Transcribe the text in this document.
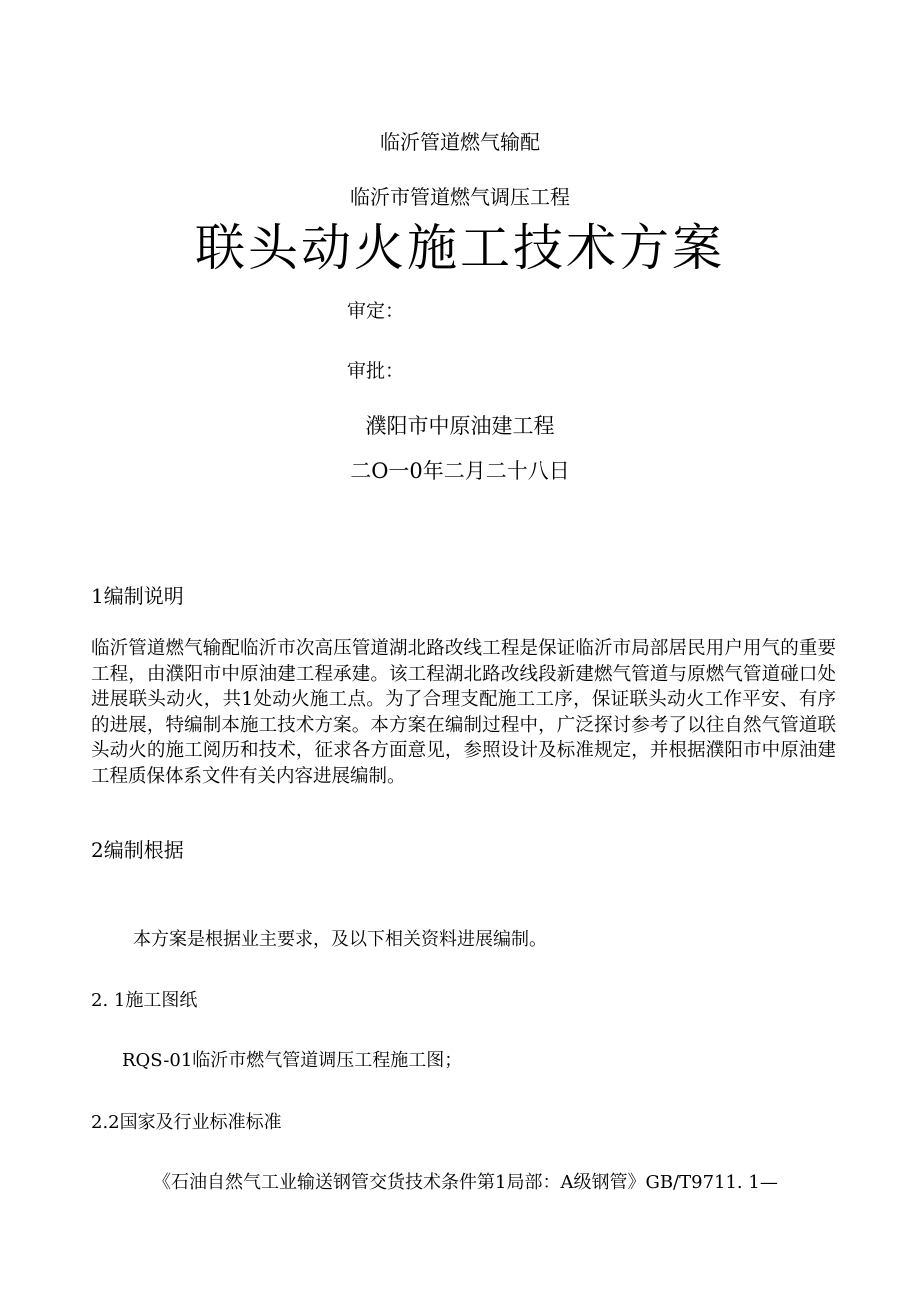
临沂管道燃气输配
临沂市管道燃气调压工程
联头动火施工技术方案
审定：
审批：
濮阳市中原油建工程
二O一0年二月二十八日
1编制说明
临沂管道燃气输配临沂市次高压管道湖北路改线工程是保证临沂市局部居民用户用气的重要工程，由濮阳市中原油建工程承建。该工程湖北路改线段新建燃气管道与原燃气管道碰口处进展联头动火，共1处动火施工点。为了合理支配施工工序，保证联头动火工作平安、有序的进展，特编制本施工技术方案。本方案在编制过程中，广泛探讨参考了以往自然气管道联头动火的施工阅历和技术，征求各方面意见，参照设计及标准规定，并根据濮阳市中原油建工程质保体系文件有关内容进展编制。
2编制根据
本方案是根据业主要求，及以下相关资料进展编制。
2. 1施工图纸
RQS-01临沂市燃气管道调压工程施工图；
2.2国家及行业标准标准
《石油自然气工业输送钢管交货技术条件第1局部：A级钢管》GB/T9711. 1—
